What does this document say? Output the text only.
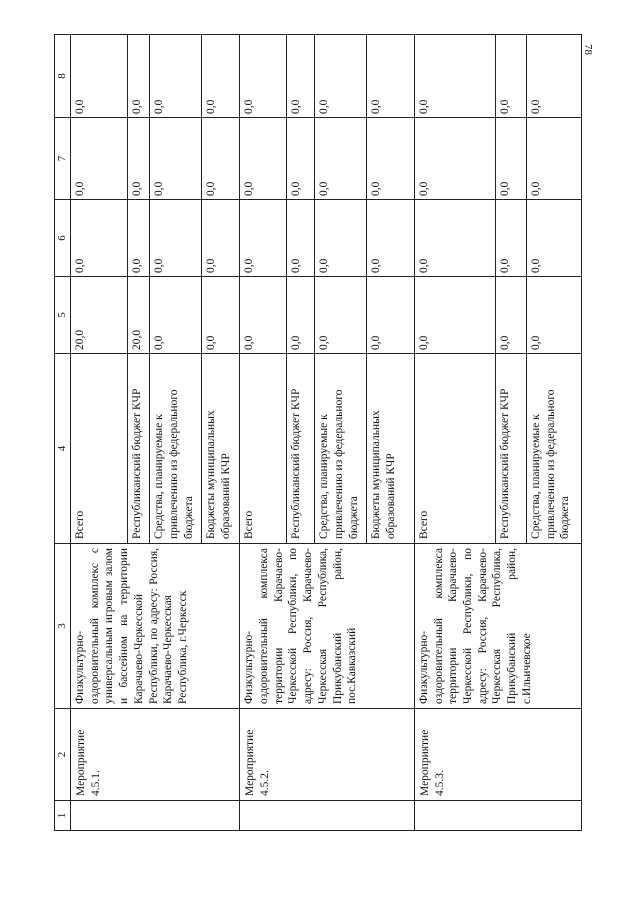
78
1	2	3	4	5	6	7	8
	Мероприятие 4.5.1.	Физкультурно-оздоровительный комплекс с универсальным игровым залом и бассейном на территории Карачаево-Черкесской Республики, по адресу: Россия, Карачаево-Черкесская Республика, г.Черкесск	Всего	20,0	0,0	0,0	0,0
			Республиканский бюджет КЧР	20,0	0,0	0,0	0,0
			Средства, планируемые к привлечению из федерального бюджета	0,0	0,0	0,0	0,0
			Бюджеты муниципальных образований КЧР	0,0	0,0	0,0	0,0
	Мероприятие 4.5.2.	Физкультурно-оздоровительный комплекса территории Карачаево-Черкесской Республики, по адресу: Россия, Карачаево-Черкесская Республика, Прикубанский район, пос.Кавказский	Всего	0,0	0,0	0,0	0,0
			Республиканский бюджет КЧР	0,0	0,0	0,0	0,0
			Средства, планируемые к привлечению из федерального бюджета	0,0	0,0	0,0	0,0
			Бюджеты муниципальных образований КЧР	0,0	0,0	0,0	0,0
	Мероприятие 4.5.3.	Физкультурно-оздоровительный комплекса территории Карачаево-Черкесской Республики, по адресу: Россия, Карачаево-Черкесская Республика, Прикубанский район, с.Ильичевское	Всего	0,0	0,0	0,0	0,0
			Республиканский бюджет КЧР	0,0	0,0	0,0	0,0
			Средства, планируемые к привлечению из федерального бюджета	0,0	0,0	0,0	0,0
